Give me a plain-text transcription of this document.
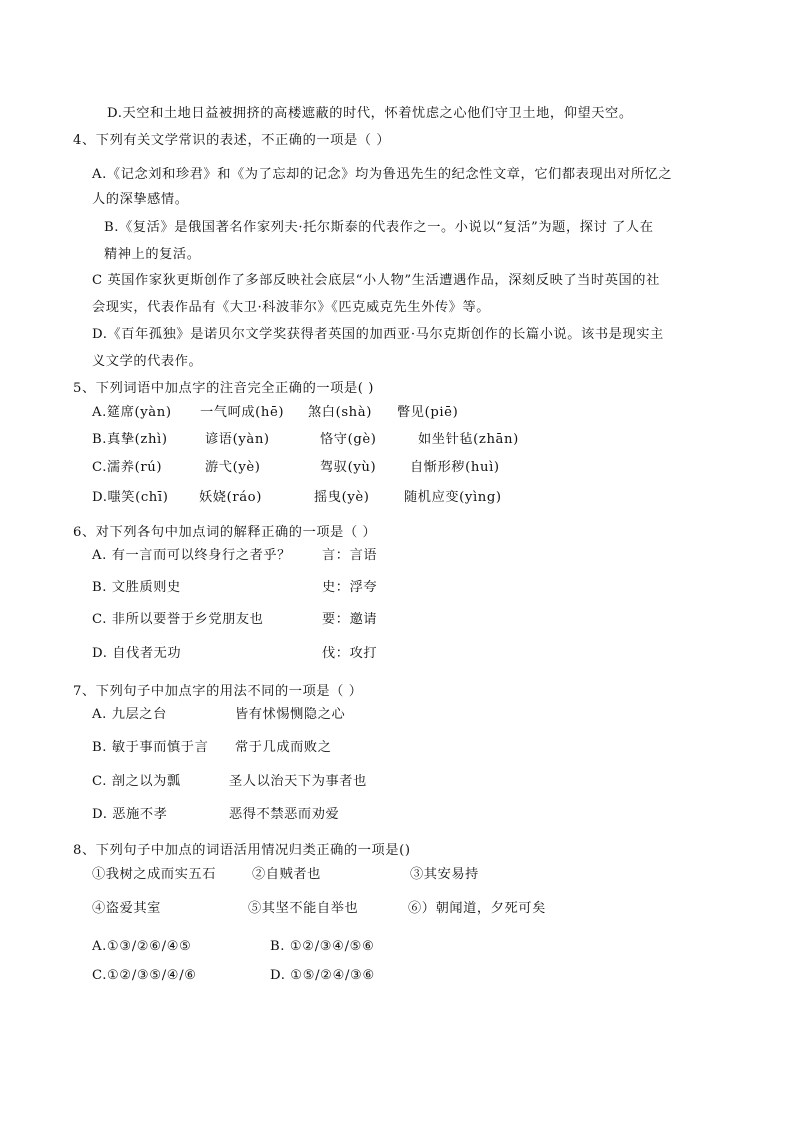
D.天空和土地日益被拥挤的高楼遮蔽的时代，怀着忧虑之心他们守卫土地，仰望天空。
4、下列有关文学常识的表述，不正确的一项是（ ）
A.《记念刘和珍君》和《为了忘却的记念》均为鲁迅先生的纪念性文章，它们都表现出对所忆之
人的深挚感情。
B.《复活》是俄国著名作家列夫·托尔斯泰的代表作之一。小说以“复活”为题，探讨 了人在
精神上的复活。
C 英国作家狄更斯创作了多部反映社会底层“小人物”生活遭遇作品，深刻反映了当时英国的社
会现实，代表作品有《大卫·科波菲尔》《匹克威克先生外传》等。
D.《百年孤独》是诺贝尔文学奖获得者英国的加西亚·马尔克斯创作的长篇小说。该书是现实主
义文学的代表作。
5、下列词语中加点字的注音完全正确的一项是( )
A.筵席(yàn) 一气呵成(hē) 煞白(shà) 瞥见(piē)
B.真挚(zhì)	谚语(yàn)	恪守(gè)	如坐针毡(zhān)
C.濡养(rú)	游弋(yè)	驾驭(yù)	自惭形秽(huì)
D.嗤笑(chī) 妖娆(ráo)	摇曳(yè)	随机应变(yìng)
6、对下列各句中加点词的解释正确的一项是（ ）
A. 有一言而可以终身行之者乎？ 言：言语
B. 文胜质则史	史：浮夸
C. 非所以要誉于乡党朋友也	要：邀请
D. 自伐者无功	伐：攻打
7、下列句子中加点字的用法不同的一项是（ ）
A. 九层之台	皆有怵惕恻隐之心
B. 敏于事而慎于言 常于几成而败之
C. 剖之以为瓢	圣人以治天下为事者也
D. 恶施不孝	恶得不禁恶而劝爱
8、下列句子中加点的词语活用情况归类正确的一项是()
①我树之成而实五石	②自贼者也	③其安易持
④盗爱其室	⑤其坚不能自举也	⑥）朝闻道，夕死可矣
A.①③/②⑥/④⑤	B. ①②/③④/⑤⑥
C.①②/③⑤/④/⑥	D. ①⑤/②④/③⑥
